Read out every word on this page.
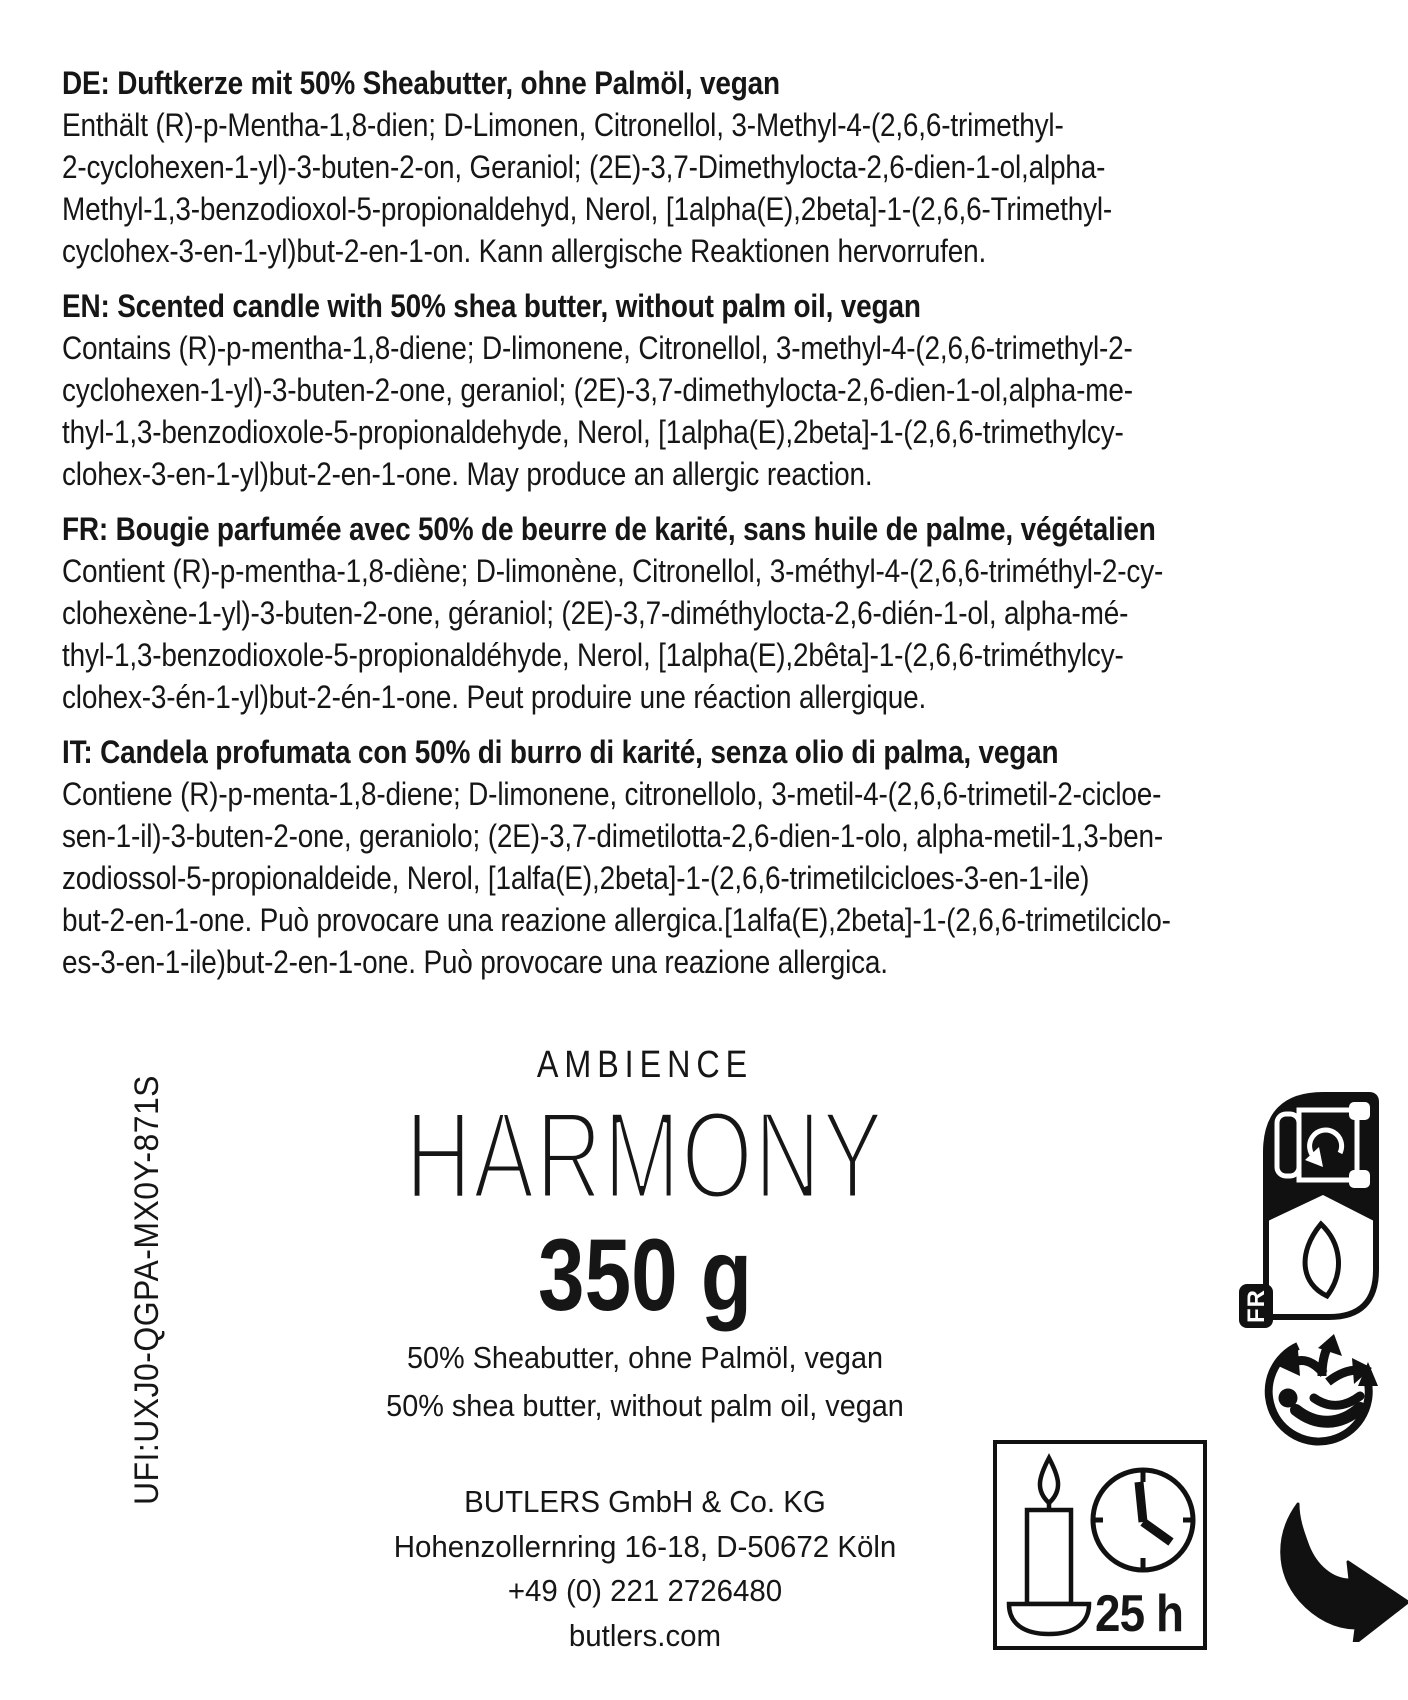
DE: Duftkerze mit 50% Sheabutter, ohne Palmöl, vegan
Enthält (R)-p-Mentha-1,8-dien; D-Limonen, Citronellol, 3-Methyl-4-(2,6,6-trimethyl-
2-cyclohexen-1-yl)-3-buten-2-on, Geraniol; (2E)-3,7-Dimethylocta-2,6-dien-1-ol,alpha-
Methyl-1,3-benzodioxol-5-propionaldehyd, Nerol, [1alpha(E),2beta]-1-(2,6,6-Trimethyl-
cyclohex-3-en-1-yl)but-2-en-1-on. Kann allergische Reaktionen hervorrufen.
EN: Scented candle with 50% shea butter, without palm oil, vegan
Contains (R)-p-mentha-1,8-diene; D-limonene, Citronellol, 3-methyl-4-(2,6,6-trimethyl-2-
cyclohexen-1-yl)-3-buten-2-one, geraniol; (2E)-3,7-dimethylocta-2,6-dien-1-ol,alpha-me-
thyl-1,3-benzodioxole-5-propionaldehyde, Nerol, [1alpha(E),2beta]-1-(2,6,6-trimethylcy-
clohex-3-en-1-yl)but-2-en-1-one. May produce an allergic reaction.
FR: Bougie parfumée avec 50% de beurre de karité, sans huile de palme, végétalien
Contient (R)-p-mentha-1,8-diène; D-limonène, Citronellol, 3-méthyl-4-(2,6,6-triméthyl-2-cy-
clohexène-1-yl)-3-buten-2-one, géraniol; (2E)-3,7-diméthylocta-2,6-dién-1-ol, alpha-mé-
thyl-1,3-benzodioxole-5-propionaldéhyde, Nerol, [1alpha(E),2bêta]-1-(2,6,6-triméthylcy-
clohex-3-én-1-yl)but-2-én-1-one. Peut produire une réaction allergique.
IT: Candela profumata con 50% di burro di karité, senza olio di palma, vegan
Contiene (R)-p-menta-1,8-diene; D-limonene, citronellolo, 3-metil-4-(2,6,6-trimetil-2-cicloe-
sen-1-il)-3-buten-2-one, geraniolo; (2E)-3,7-dimetilotta-2,6-dien-1-olo, alpha-metil-1,3-ben-
zodiossol-5-propionaldeide, Nerol, [1alfa(E),2beta]-1-(2,6,6-trimetilcicloes-3-en-1-ile)
but-2-en-1-one. Può provocare una reazione allergica.[1alfa(E),2beta]-1-(2,6,6-trimetilciclo-
es-3-en-1-ile)but-2-en-1-one. Può provocare una reazione allergica.
UFI:UXJ0-QGPA-MX0Y-871S
AMBIENCE
HARMONY
350 g
50% Sheabutter, ohne Palmöl, vegan
50% shea butter, without palm oil, vegan
BUTLERS GmbH & Co. KG
Hohenzollernring 16-18, D-50672 Köln
+49 (0) 221 2726480
butlers.com	25 h
FR
